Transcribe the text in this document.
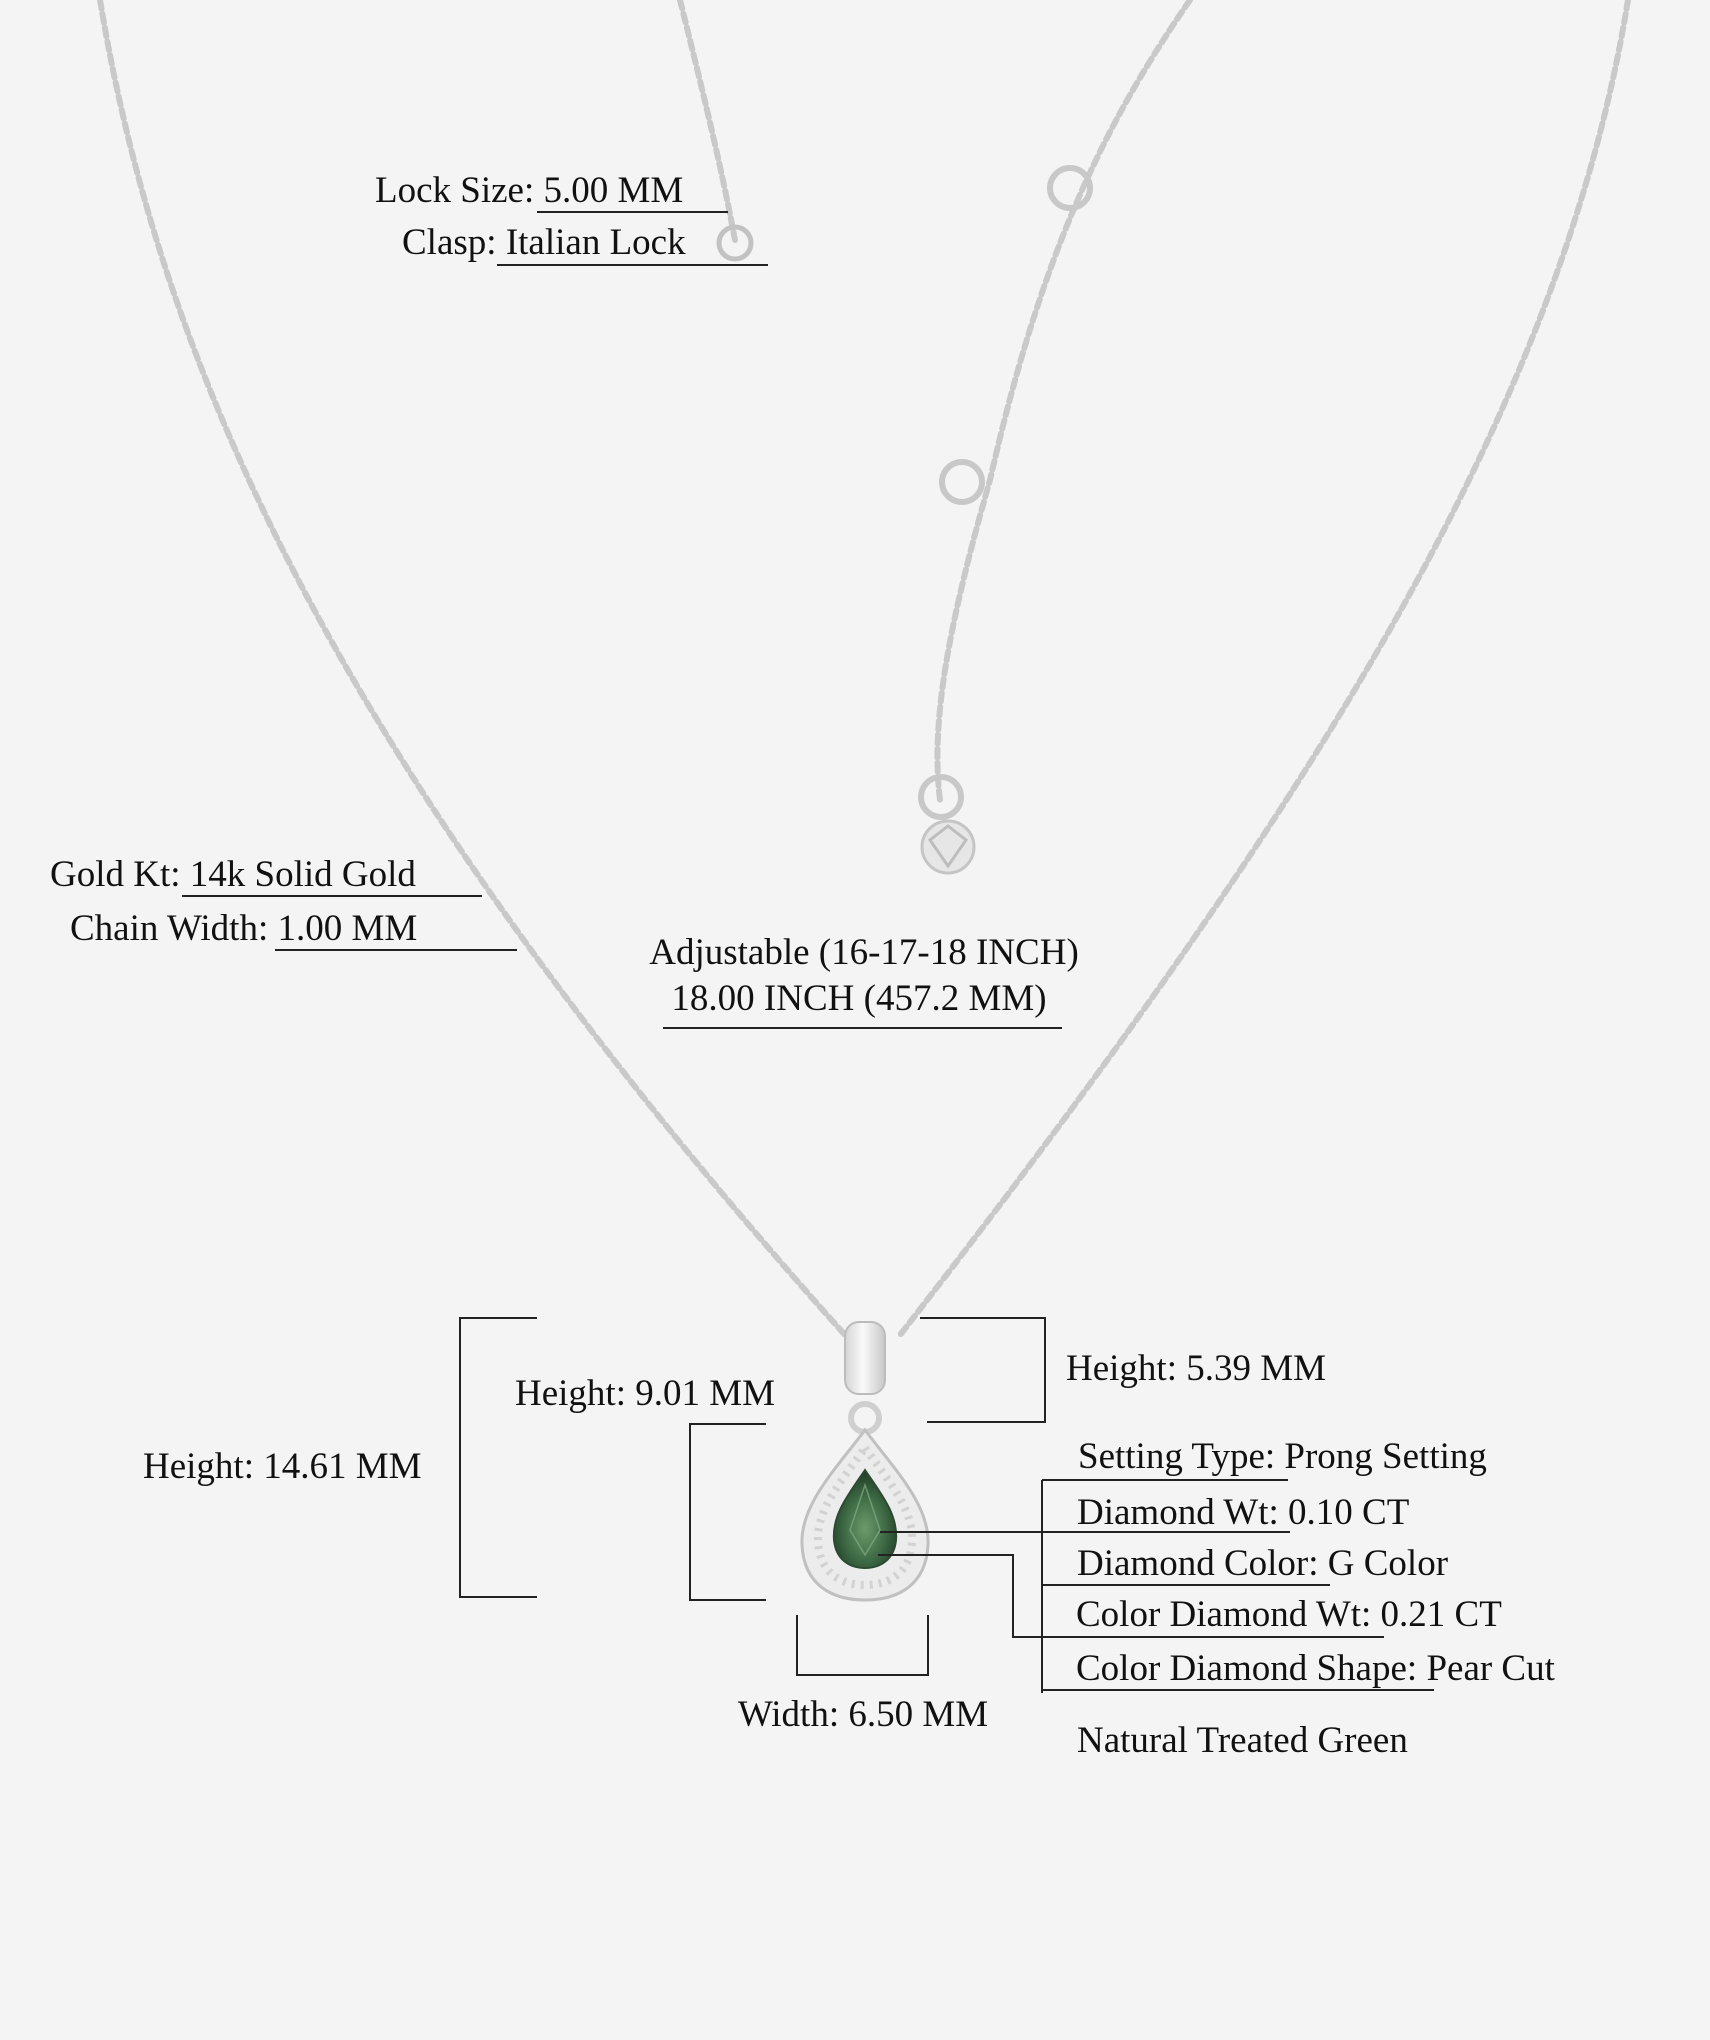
Lock Size: 5.00 MM
Clasp: Italian Lock
Gold Kt: 14k Solid Gold
Chain Width: 1.00 MM
Adjustable (16-17-18 INCH)
18.00 INCH (457.2 MM)
Height: 5.39 MM
Height: 9.01 MM
Height: 14.61 MM
Width: 6.50 MM
Setting Type: Prong Setting
Diamond Wt: 0.10 CT
Diamond Color: G Color
Color Diamond Wt: 0.21 CT
Color Diamond Shape: Pear Cut
Natural Treated Green
